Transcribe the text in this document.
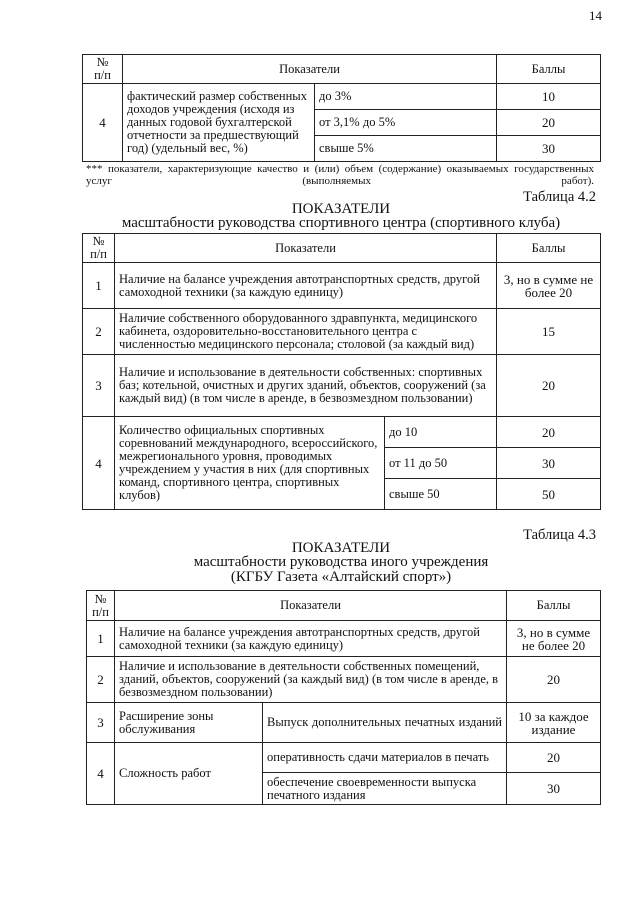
14
№
п/п	Показатели		Баллы
4	фактический размер собственных доходов учреждения (исходя из данных годовой бухгалтерской отчетности за предшествующий год) (удельный вес, %)	до 3%	10
		от 3,1% до 5%	20
		свыше 5%	30
*** показатели, характеризующие качество и (или) объем (содержание) оказываемых государственных услуг (выполняемых работ).
Таблица 4.2
ПОКАЗАТЕЛИ
масштабности руководства спортивного центра (спортивного клуба)
№
п/п	Показатели		Баллы
1	Наличие на балансе учреждения автотранспортных средств, другой самоходной техники (за каждую единицу)		3, но в сумме не более 20
2	Наличие собственного оборудованного здравпункта, медицинского кабинета, оздоровительно-восстановительного центра с численностью медицинского персонала; столовой (за каждый вид)		15
3	Наличие и использование в деятельности собственных: спортивных баз; котельной, очистных и других зданий, объектов, сооружений (за каждый вид) (в том числе в аренде, в безвозмездном пользовании)		20
4	Количество официальных спортивных соревнований международного, всероссийского, межрегионального уровня, проводимых учреждением у участия в них (для спортивных команд, спортивного центра, спортивных клубов)	до 10	20
		от 11 до 50	30
		свыше 50	50
Таблица 4.3
ПОКАЗАТЕЛИ
масштабности руководства иного учреждения
(КГБУ Газета «Алтайский спорт»)
№
п/п	Показатели		Баллы
1	Наличие на балансе учреждения автотранспортных средств, другой самоходной техники (за каждую единицу)		3, но в сумме не более 20
2	Наличие и использование в деятельности собственных помещений, зданий, объектов, сооружений (за каждый вид) (в том числе в аренде, в безвозмездном пользовании)		20
3	Расширение зоны обслуживания	Выпуск дополнительных печатных изданий	10 за каждое издание
4	Сложность работ	оперативность сдачи материалов в печать	20
		обеспечение своевременности выпуска печатного издания	30
